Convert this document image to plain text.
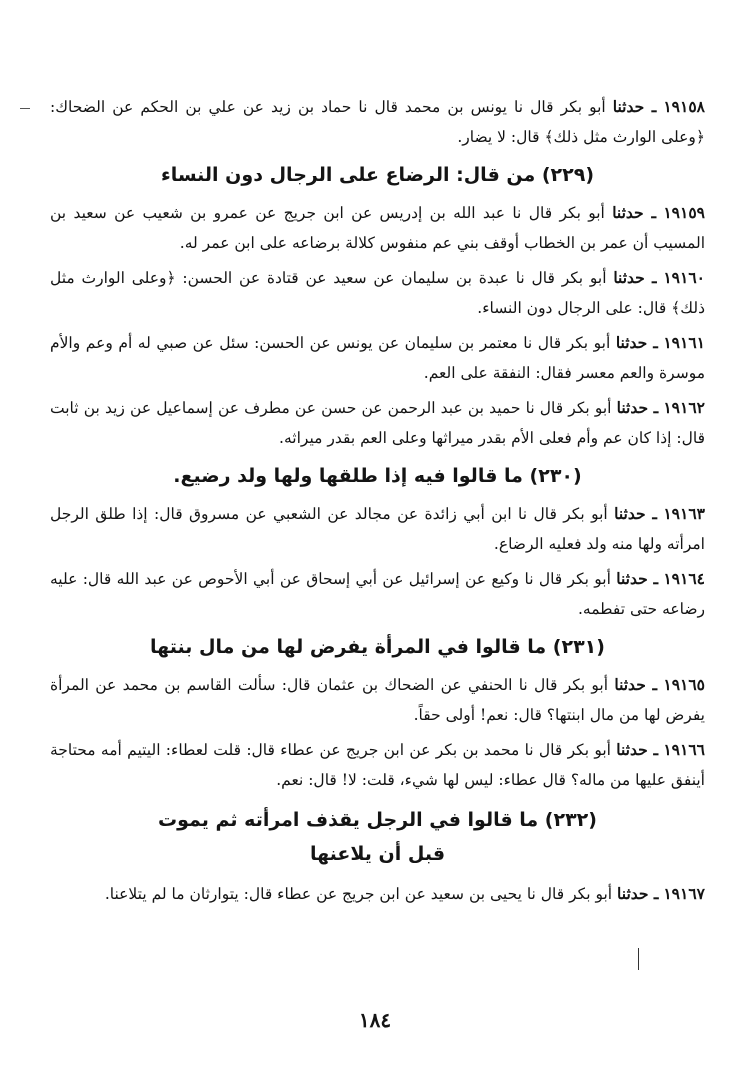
١٩١٥٨ ـ حدثنا أبو بكر قال نا يونس بن محمد قال نا حماد بن زيد عن علي بن الحكم عن الضحاك: ﴿وعلى الوارث مثل ذلك﴾ قال: لا يضار.

(٢٢٩) من قال: الرضاع على الرجال دون النساء

١٩١٥٩ ـ حدثنا أبو بكر قال نا عبد الله بن إدريس عن ابن جريج عن عمرو بن شعيب عن سعيد بن المسيب أن عمر بن الخطاب أوقف بني عم منفوس كلالة برضاعه على ابن عمر له.

١٩١٦٠ ـ حدثنا أبو بكر قال نا عبدة بن سليمان عن سعيد عن قتادة عن الحسن: ﴿وعلى الوارث مثل ذلك﴾ قال: على الرجال دون النساء.

١٩١٦١ ـ حدثنا أبو بكر قال نا معتمر بن سليمان عن يونس عن الحسن: سئل عن صبي له أم وعم والأم موسرة والعم معسر فقال: النفقة على العم.

١٩١٦٢ ـ حدثنا أبو بكر قال نا حميد بن عبد الرحمن عن حسن عن مطرف عن إسماعيل عن زيد بن ثابت قال: إذا كان عم وأم فعلى الأم بقدر ميراثها وعلى العم بقدر ميراثه.

(٢٣٠) ما قالوا فيه إذا طلقها ولها ولد رضيع.

١٩١٦٣ ـ حدثنا أبو بكر قال نا ابن أبي زائدة عن مجالد عن الشعبي عن مسروق قال: إذا طلق الرجل امرأته ولها منه ولد فعليه الرضاع.

١٩١٦٤ ـ حدثنا أبو بكر قال نا وكيع عن إسرائيل عن أبي إسحاق عن أبي الأحوص عن عبد الله قال: عليه رضاعه حتى تفطمه.

(٢٣١) ما قالوا في المرأة يفرض لها من مال بنتها

١٩١٦٥ ـ حدثنا أبو بكر قال نا الحنفي عن الضحاك بن عثمان قال: سألت القاسم بن محمد عن المرأة يفرض لها من مال ابنتها؟ قال: نعم! أولى حقاً.

١٩١٦٦ ـ حدثنا أبو بكر قال نا محمد بن بكر عن ابن جريج عن عطاء قال: قلت لعطاء: اليتيم أمه محتاجة أينفق عليها من ماله؟ قال عطاء: ليس لها شيء، قلت: لا! قال: نعم.

(٢٣٢) ما قالوا في الرجل يقذف امرأته ثم يموت
قبل أن يلاعنها

١٩١٦٧ ـ حدثنا أبو بكر قال نا يحيى بن سعيد عن ابن جريج عن عطاء قال: يتوارثان ما لم يتلاعنا.

١٨٤
